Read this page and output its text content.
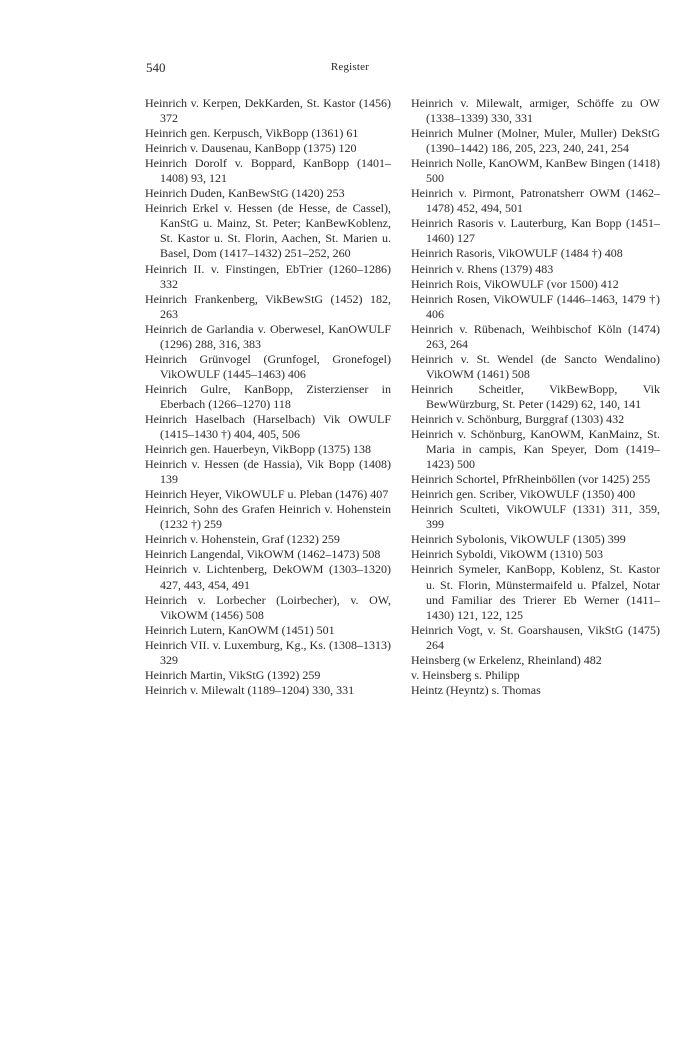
540	Register

Heinrich v. Kerpen, DekKarden, St. Kastor (1456) 372

Heinrich gen. Kerpusch, VikBopp (1361) 61

Heinrich v. Dausenau, KanBopp (1375) 120

Heinrich Dorolf v. Boppard, KanBopp (1401–1408) 93, 121

Heinrich Duden, KanBewStG (1420) 253

Heinrich Erkel v. Hessen (de Hesse, de Cassel), KanStG u. Mainz, St. Peter; KanBewKoblenz, St. Kastor u. St. Florin, Aachen, St. Marien u. Basel, Dom (1417–1432) 251–252, 260

Heinrich II. v. Finstingen, EbTrier (1260–1286) 332

Heinrich Frankenberg, VikBewStG (1452) 182, 263

Heinrich de Garlandia v. Oberwesel, KanOWULF (1296) 288, 316, 383

Heinrich Grünvogel (Grunfogel, Gronefogel) VikOWULF (1445–1463) 406

Heinrich Gulre, KanBopp, Zisterzienser in Eberbach (1266–1270) 118

Heinrich Haselbach (Harselbach) Vik OWULF (1415–1430 †) 404, 405, 506

Heinrich gen. Hauerbeyn, VikBopp (1375) 138

Heinrich v. Hessen (de Hassia), Vik Bopp (1408) 139

Heinrich Heyer, VikOWULF u. Pleban (1476) 407

Heinrich, Sohn des Grafen Heinrich v. Hohenstein (1232 †) 259

Heinrich v. Hohenstein, Graf (1232) 259

Heinrich Langendal, VikOWM (1462–1473) 508

Heinrich v. Lichtenberg, DekOWM (1303–1320) 427, 443, 454, 491

Heinrich v. Lorbecher (Loirbecher), v. OW, VikOWM (1456) 508

Heinrich Lutern, KanOWM (1451) 501

Heinrich VII. v. Luxemburg, Kg., Ks. (1308–1313) 329

Heinrich Martin, VikStG (1392) 259

Heinrich v. Milewalt (1189–1204) 330, 331

Heinrich v. Milewalt, armiger, Schöffe zu OW (1338–1339) 330, 331

Heinrich Mulner (Molner, Muler, Muller) DekStG (1390–1442) 186, 205, 223, 240, 241, 254

Heinrich Nolle, KanOWM, KanBew Bingen (1418) 500

Heinrich v. Pirmont, Patronatsherr OWM (1462–1478) 452, 494, 501

Heinrich Rasoris v. Lauterburg, Kan Bopp (1451–1460) 127

Heinrich Rasoris, VikOWULF (1484 †) 408

Heinrich v. Rhens (1379) 483

Heinrich Rois, VikOWULF (vor 1500) 412

Heinrich Rosen, VikOWULF (1446–1463, 1479 †) 406

Heinrich v. Rübenach, Weihbischof Köln (1474) 263, 264

Heinrich v. St. Wendel (de Sancto Wendalino) VikOWM (1461) 508

Heinrich Scheitler, VikBewBopp, Vik BewWürzburg, St. Peter (1429) 62, 140, 141

Heinrich v. Schönburg, Burggraf (1303) 432

Heinrich v. Schönburg, KanOWM, KanMainz, St. Maria in campis, Kan Speyer, Dom (1419–1423) 500

Heinrich Schortel, PfrRheinböllen (vor 1425) 255

Heinrich gen. Scriber, VikOWULF (1350) 400

Heinrich Sculteti, VikOWULF (1331) 311, 359, 399

Heinrich Sybolonis, VikOWULF (1305) 399

Heinrich Syboldi, VikOWM (1310) 503

Heinrich Symeler, KanBopp, Koblenz, St. Kastor u. St. Florin, Münstermaifeld u. Pfalzel, Notar und Familiar des Trierer Eb Werner (1411–1430) 121, 122, 125

Heinrich Vogt, v. St. Goarshausen, VikStG (1475) 264

Heinsberg (w Erkelenz, Rheinland) 482

v. Heinsberg s. Philipp

Heintz (Heyntz) s. Thomas
